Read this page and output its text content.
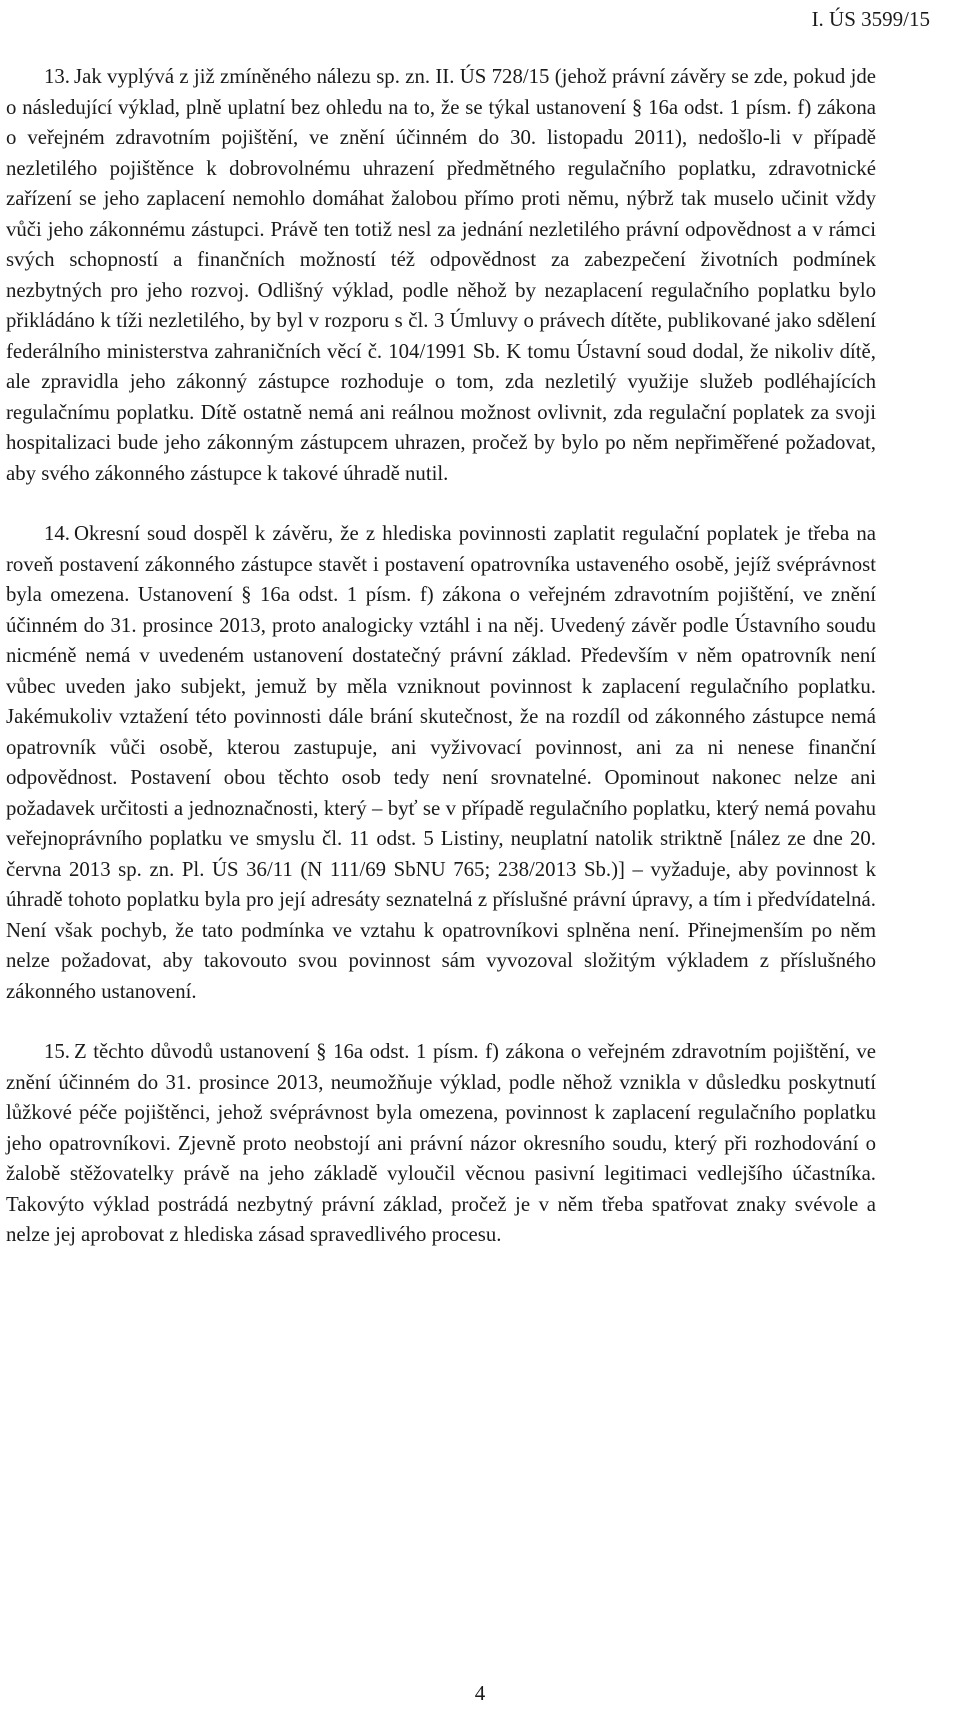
I. ÚS 3599/15

13. Jak vyplývá z již zmíněného nálezu sp. zn. II. ÚS 728/15 (jehož právní závěry se zde, pokud jde o následující výklad, plně uplatní bez ohledu na to, že se týkal ustanovení § 16a odst. 1 písm. f) zákona o veřejném zdravotním pojištění, ve znění účinném do 30. listopadu 2011), nedošlo-li v případě nezletilého pojištěnce k dobrovolnému uhrazení předmětného regulačního poplatku, zdravotnické zařízení se jeho zaplacení nemohlo domáhat žalobou přímo proti němu, nýbrž tak muselo učinit vždy vůči jeho zákonnému zástupci. Právě ten totiž nesl za jednání nezletilého právní odpovědnost a v rámci svých schopností a finančních možností též odpovědnost za zabezpečení životních podmínek nezbytných pro jeho rozvoj. Odlišný výklad, podle něhož by nezaplacení regulačního poplatku bylo přikládáno k tíži nezletilého, by byl v rozporu s čl. 3 Úmluvy o právech dítěte, publikované jako sdělení federálního ministerstva zahraničních věcí č. 104/1991 Sb. K tomu Ústavní soud dodal, že nikoliv dítě, ale zpravidla jeho zákonný zástupce rozhoduje o tom, zda nezletilý využije služeb podléhajících regulačnímu poplatku. Dítě ostatně nemá ani reálnou možnost ovlivnit, zda regulační poplatek za svoji hospitalizaci bude jeho zákonným zástupcem uhrazen, pročež by bylo po něm nepřiměřené požadovat, aby svého zákonného zástupce k takové úhradě nutil.

14. Okresní soud dospěl k závěru, že z hlediska povinnosti zaplatit regulační poplatek je třeba na roveň postavení zákonného zástupce stavět i postavení opatrovníka ustaveného osobě, jejíž svéprávnost byla omezena. Ustanovení § 16a odst. 1 písm. f) zákona o veřejném zdravotním pojištění, ve znění účinném do 31. prosince 2013, proto analogicky vztáhl i na něj. Uvedený závěr podle Ústavního soudu nicméně nemá v uvedeném ustanovení dostatečný právní základ. Především v něm opatrovník není vůbec uveden jako subjekt, jemuž by měla vzniknout povinnost k zaplacení regulačního poplatku. Jakémukoliv vztažení této povinnosti dále brání skutečnost, že na rozdíl od zákonného zástupce nemá opatrovník vůči osobě, kterou zastupuje, ani vyživovací povinnost, ani za ni nenese finanční odpovědnost. Postavení obou těchto osob tedy není srovnatelné. Opominout nakonec nelze ani požadavek určitosti a jednoznačnosti, který – byť se v případě regulačního poplatku, který nemá povahu veřejnoprávního poplatku ve smyslu čl. 11 odst. 5 Listiny, neuplatní natolik striktně [nález ze dne 20. června 2013 sp. zn. Pl. ÚS 36/11 (N 111/69 SbNU 765; 238/2013 Sb.)] – vyžaduje, aby povinnost k úhradě tohoto poplatku byla pro její adresáty seznatelná z příslušné právní úpravy, a tím i předvídatelná. Není však pochyb, že tato podmínka ve vztahu k opatrovníkovi splněna není. Přinejmenším po něm nelze požadovat, aby takovouto svou povinnost sám vyvozoval složitým výkladem z příslušného zákonného ustanovení.

15. Z těchto důvodů ustanovení § 16a odst. 1 písm. f) zákona o veřejném zdravotním pojištění, ve znění účinném do 31. prosince 2013, neumožňuje výklad, podle něhož vznikla v důsledku poskytnutí lůžkové péče pojištěnci, jehož svéprávnost byla omezena, povinnost k zaplacení regulačního poplatku jeho opatrovníkovi. Zjevně proto neobstojí ani právní názor okresního soudu, který při rozhodování o žalobě stěžovatelky právě na jeho základě vyloučil věcnou pasivní legitimaci vedlejšího účastníka. Takovýto výklad postrádá nezbytný právní základ, pročež je v něm třeba spatřovat znaky svévole a nelze jej aprobovat z hlediska zásad spravedlivého procesu.

4
